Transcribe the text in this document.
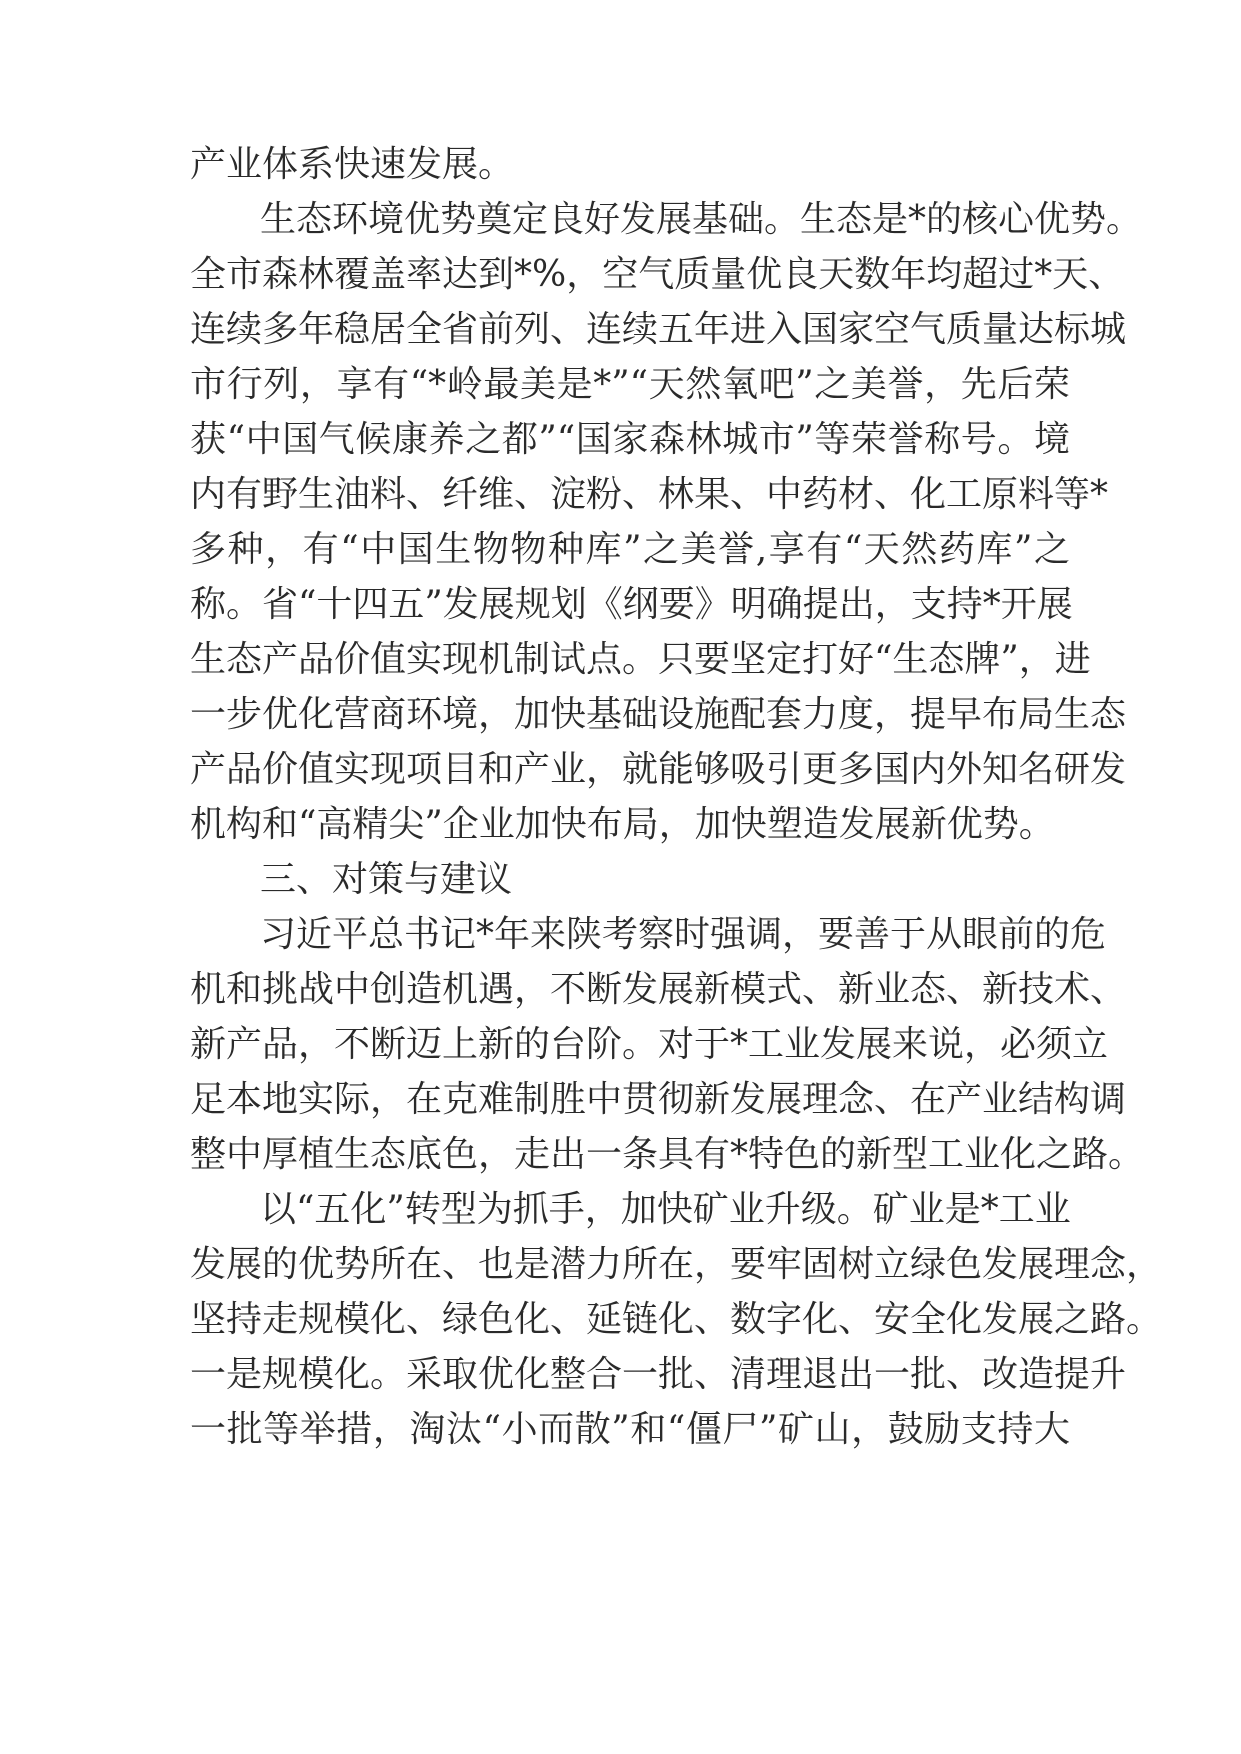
产业体系快速发展。
生态环境优势奠定良好发展基础。生态是*的核心优势。
全市森林覆盖率达到*%，空气质量优良天数年均超过*天、
连续多年稳居全省前列、连续五年进入国家空气质量达标城
市行列，享有“*岭最美是*”“天然氧吧”之美誉，先后荣
获“中国气候康养之都”“国家森林城市”等荣誉称号。境
内有野生油料、纤维、淀粉、林果、中药材、化工原料等*
多种，有“中国生物物种库”之美誉,享有“天然药库”之
称。省“十四五”发展规划《纲要》明确提出，支持*开展
生态产品价值实现机制试点。只要坚定打好“生态牌”，进
一步优化营商环境，加快基础设施配套力度，提早布局生态
产品价值实现项目和产业，就能够吸引更多国内外知名研发
机构和“高精尖”企业加快布局，加快塑造发展新优势。
三、对策与建议
习近平总书记*年来陕考察时强调，要善于从眼前的危
机和挑战中创造机遇，不断发展新模式、新业态、新技术、
新产品，不断迈上新的台阶。对于*工业发展来说，必须立
足本地实际，在克难制胜中贯彻新发展理念、在产业结构调
整中厚植生态底色，走出一条具有*特色的新型工业化之路。
以“五化”转型为抓手，加快矿业升级。矿业是*工业
发展的优势所在、也是潜力所在，要牢固树立绿色发展理念，
坚持走规模化、绿色化、延链化、数字化、安全化发展之路。
一是规模化。采取优化整合一批、清理退出一批、改造提升
一批等举措，淘汰“小而散”和“僵尸”矿山，鼓励支持大
